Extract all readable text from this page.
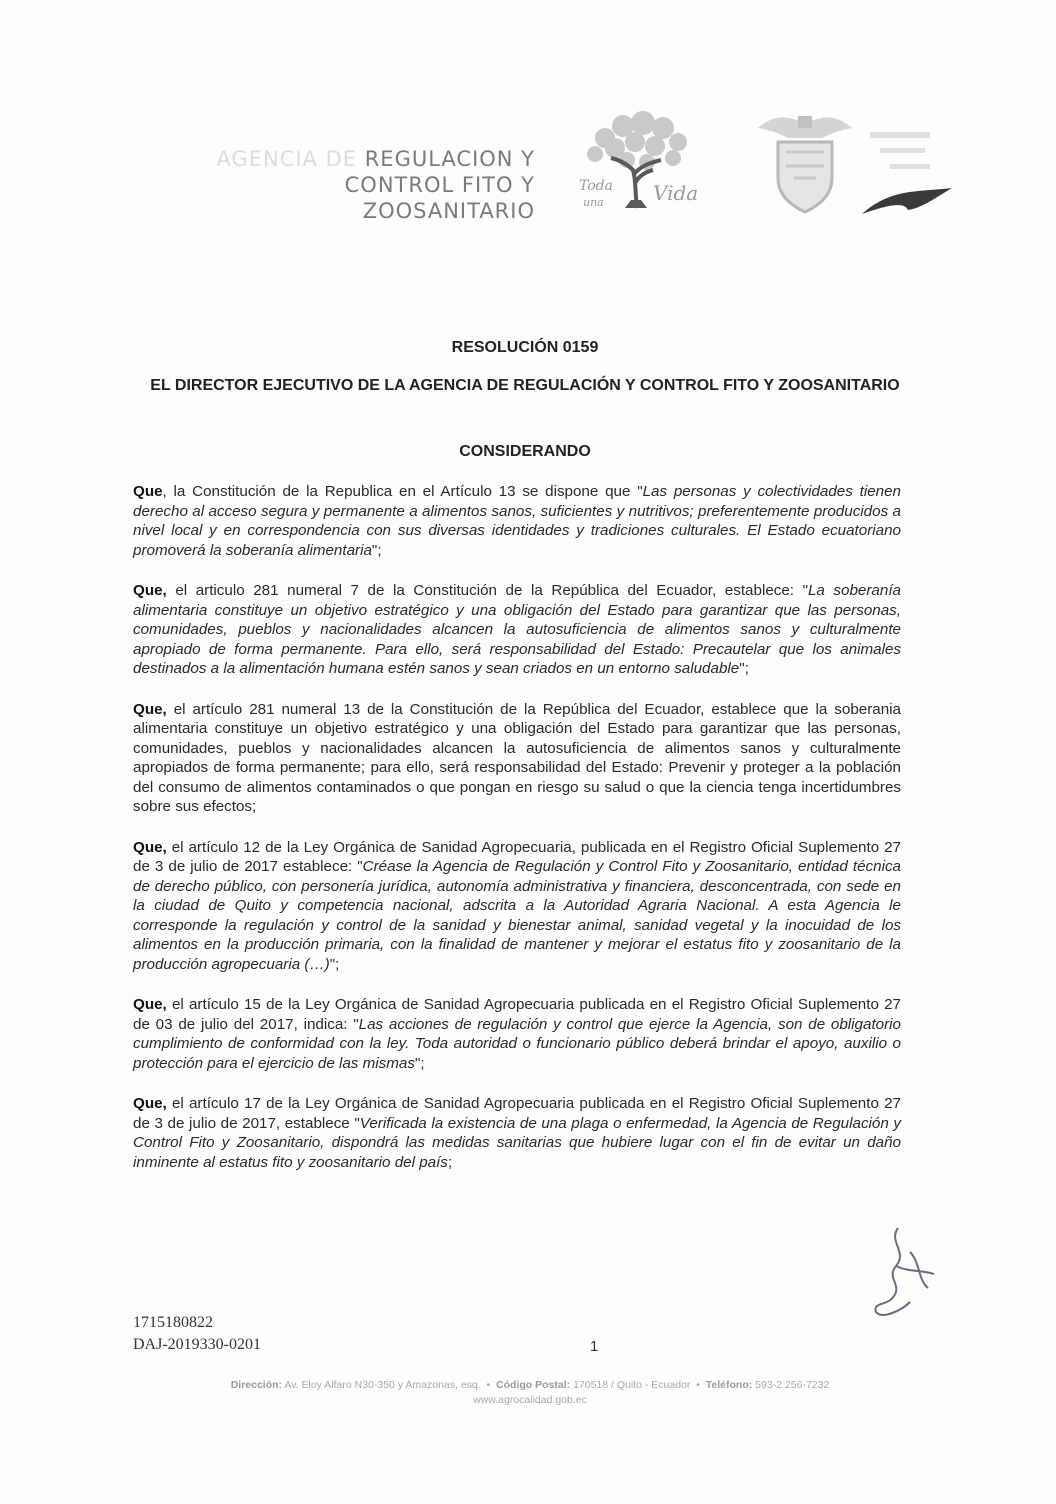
AGENCIA DE REGULACION Y
CONTROL FITO Y ZOOSANITARIO
Toda
una Vida
RESOLUCIÓN 0159
EL DIRECTOR EJECUTIVO DE LA AGENCIA DE REGULACIÓN Y CONTROL FITO Y ZOOSANITARIO
CONSIDERANDO

Que, la Constitución de la Republica en el Artículo 13 se dispone que "Las personas y colectividades tienen derecho al acceso segura y permanente a alimentos sanos, suficientes y nutritivos; preferentemente producidos a nivel local y en correspondencia con sus diversas identidades y tradiciones culturales. El Estado ecuatoriano promoverá la soberanía alimentaria";

Que, el articulo 281 numeral 7 de la Constitución de la República del Ecuador, establece: "La soberanía alimentaria constituye un objetivo estratégico y una obligación del Estado para garantizar que las personas, comunidades, pueblos y nacionalidades alcancen la autosuficiencia de alimentos sanos y culturalmente apropiado de forma permanente. Para ello, será responsabilidad del Estado: Precautelar que los animales destinados a la alimentación humana estén sanos y sean criados en un entorno saludable";

Que, el artículo 281 numeral 13 de la Constitución de la República del Ecuador, establece que la soberania alimentaria constituye un objetivo estratégico y una obligación del Estado para garantizar que las personas, comunidades, pueblos y nacionalidades alcancen la autosuficiencia de alimentos sanos y culturalmente apropiados de forma permanente; para ello, será responsabilidad del Estado: Prevenir y proteger a la población del consumo de alimentos contaminados o que pongan en riesgo su salud o que la ciencia tenga incertidumbres sobre sus efectos;

Que, el artículo 12 de la Ley Orgánica de Sanidad Agropecuaria, publicada en el Registro Oficial Suplemento 27 de 3 de julio de 2017 establece: "Créase la Agencia de Regulación y Control Fito y Zoosanitario, entidad técnica de derecho público, con personería jurídica, autonomía administrativa y financiera, desconcentrada, con sede en la ciudad de Quito y competencia nacional, adscrita a la Autoridad Agraria Nacional. A esta Agencia le corresponde la regulación y control de la sanidad y bienestar animal, sanidad vegetal y la inocuidad de los alimentos en la producción primaria, con la finalidad de mantener y mejorar el estatus fito y zoosanitario de la producción agropecuaria (…)";

Que, el artículo 15 de la Ley Orgánica de Sanidad Agropecuaria publicada en el Registro Oficial Suplemento 27 de 03 de julio del 2017, indica: "Las acciones de regulación y control que ejerce la Agencia, son de obligatorio cumplimiento de conformidad con la ley. Toda autoridad o funcionario público deberá brindar el apoyo, auxilio o protección para el ejercicio de las mismas";

Que, el artículo 17 de la Ley Orgánica de Sanidad Agropecuaria publicada en el Registro Oficial Suplemento 27 de 3 de julio de 2017, establece "Verificada la existencia de una plaga o enfermedad, la Agencia de Regulación y Control Fito y Zoosanitario, dispondrá las medidas sanitarias que hubiere lugar con el fin de evitar un daño inminente al estatus fito y zoosanitario del país;

1715180822
DAJ-2019330-0201	1
Dirección: Av. Eloy Alfaro N30-350 y Amazonas, esq.  •  Código Postal: 170518 / Quito - Ecuador  •  Teléfono: 593-2 256-7232
www.agrocalidad.gob.ec
